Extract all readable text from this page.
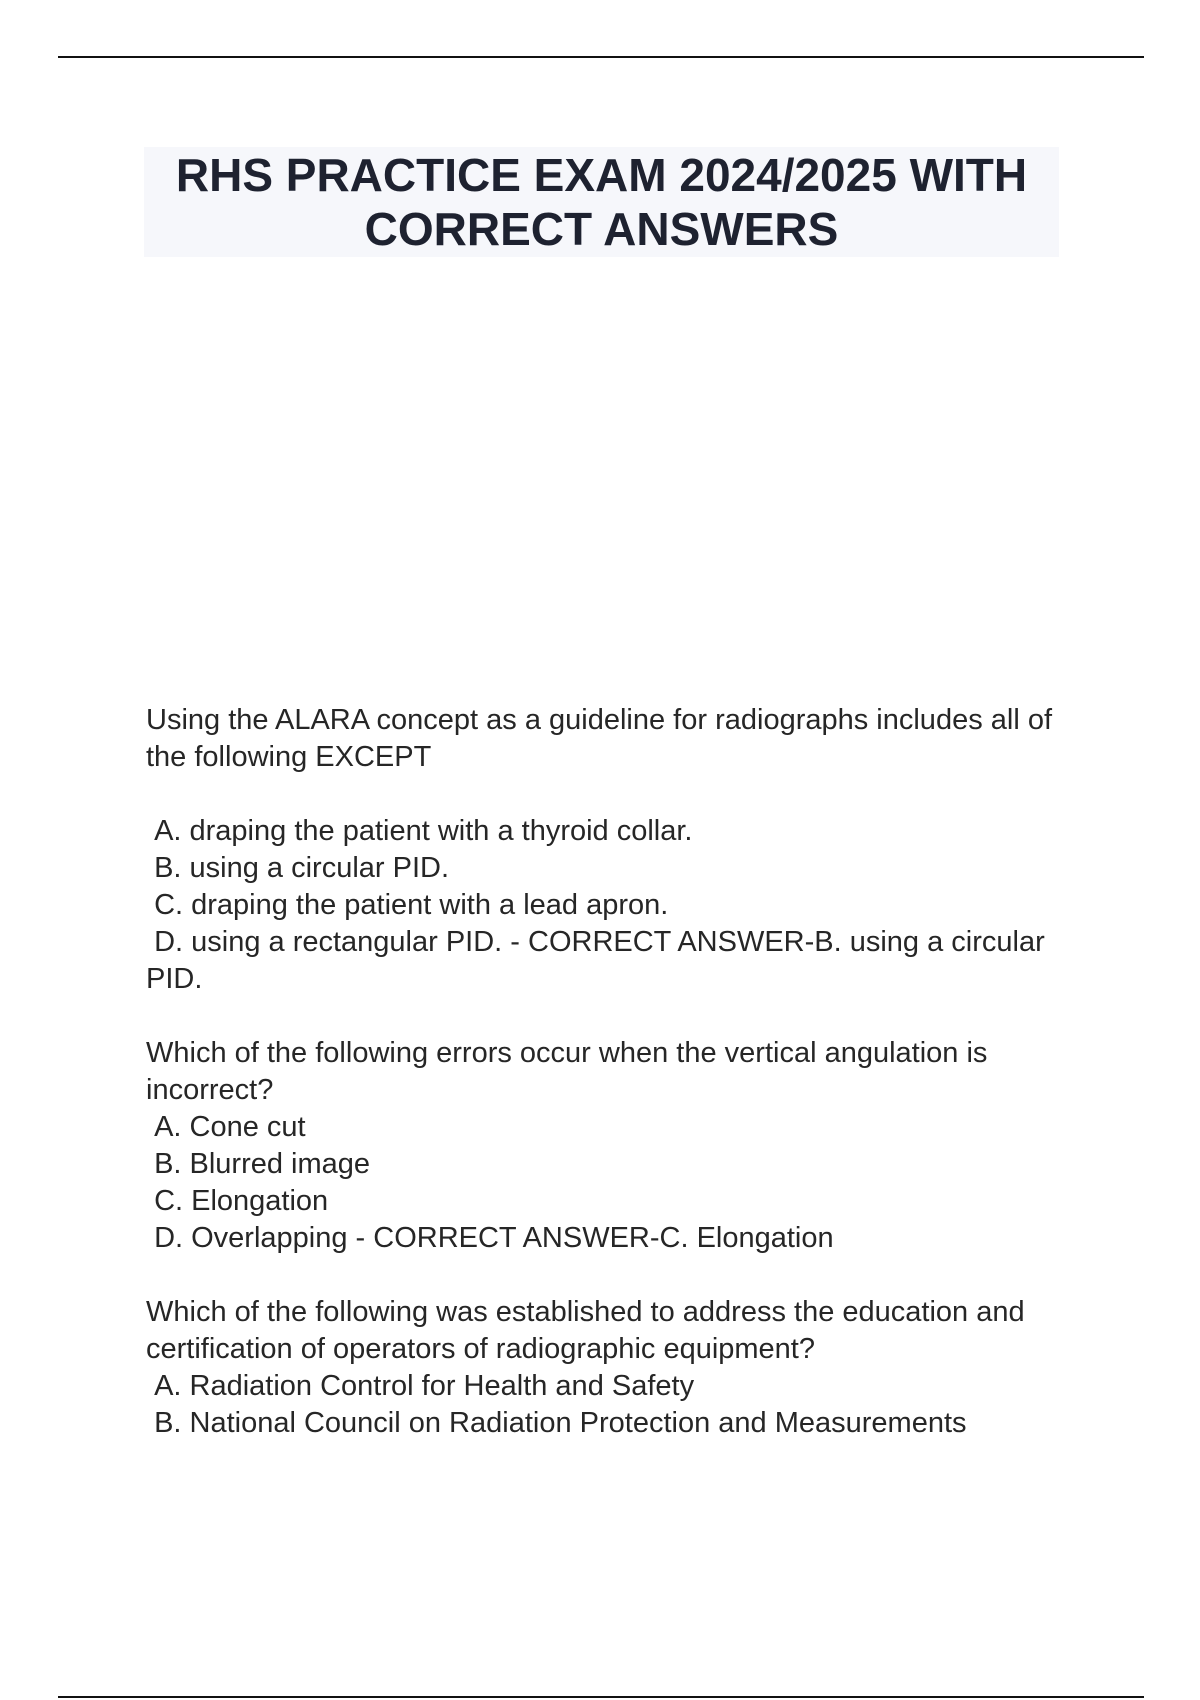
RHS PRACTICE EXAM 2024/2025 WITH CORRECT ANSWERS
Using the ALARA concept as a guideline for radiographs includes all of the following EXCEPT
A. draping the patient with a thyroid collar.
B. using a circular PID.
C. draping the patient with a lead apron.
D. using a rectangular PID. - CORRECT ANSWER-B. using a circular PID.
Which of the following errors occur when the vertical angulation is incorrect?
A. Cone cut
B. Blurred image
C. Elongation
D. Overlapping - CORRECT ANSWER-C. Elongation
Which of the following was established to address the education and certification of operators of radiographic equipment?
A. Radiation Control for Health and Safety
B. National Council on Radiation Protection and Measurements
